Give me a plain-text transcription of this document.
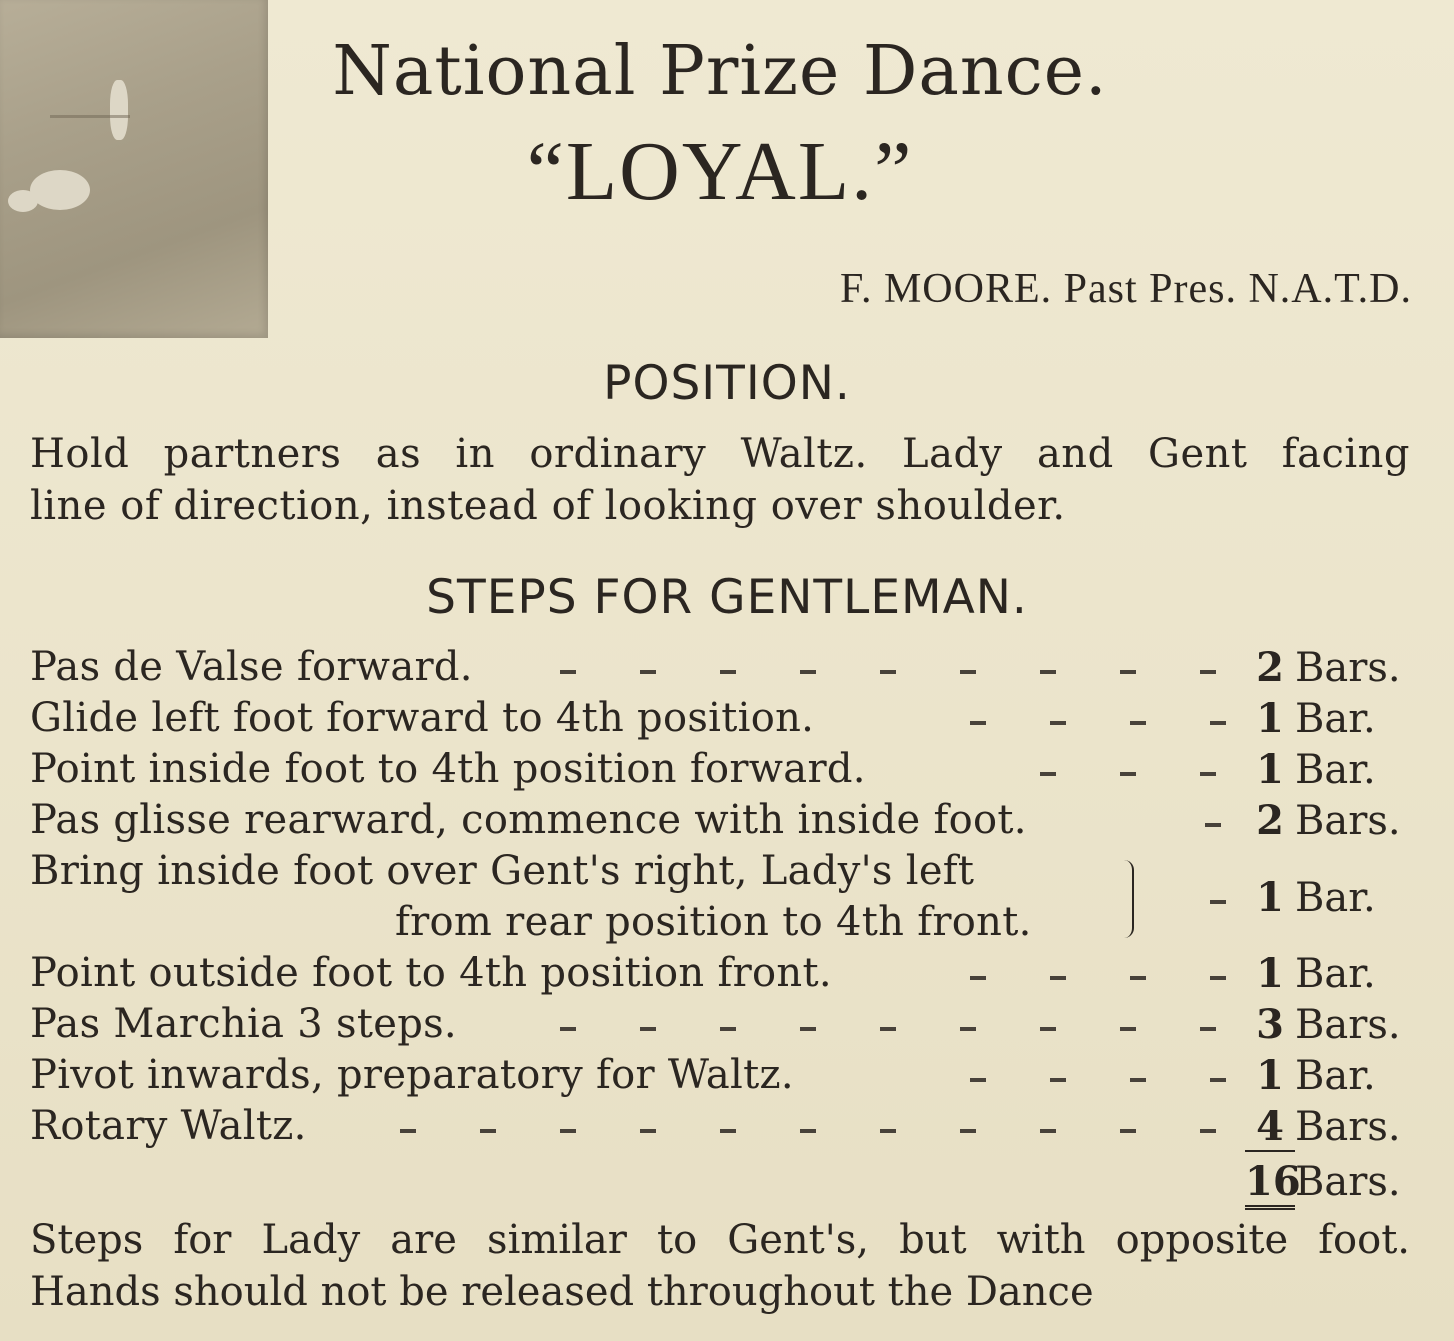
National Prize Dance.
“LOYAL.”
F. MOORE. Past Pres. N.A.T.D.
POSITION.
Hold partners as in ordinary Waltz. Lady and Gent facing
line of direction, instead of looking over shoulder.
STEPS FOR GENTLEMAN.
Pas de Valse forward.	2 Bars.
Glide left foot forward to 4th position.	1 Bar.
Point inside foot to 4th position forward.	1 Bar.
Pas glisse rearward, commence with inside foot.	2 Bars.
Bring inside foot over Gent's right, Lady's left
from rear position to 4th front.
1 Bar.
Point outside foot to 4th position front.	1 Bar.
Pas Marchia 3 steps.	3 Bars.
Pivot inwards, preparatory for Waltz.	1 Bar.
Rotary Waltz.	4 Bars.
16Bars.
Steps for Lady are similar to Gent's, but with opposite foot.
Hands should not be released throughout the Dance
